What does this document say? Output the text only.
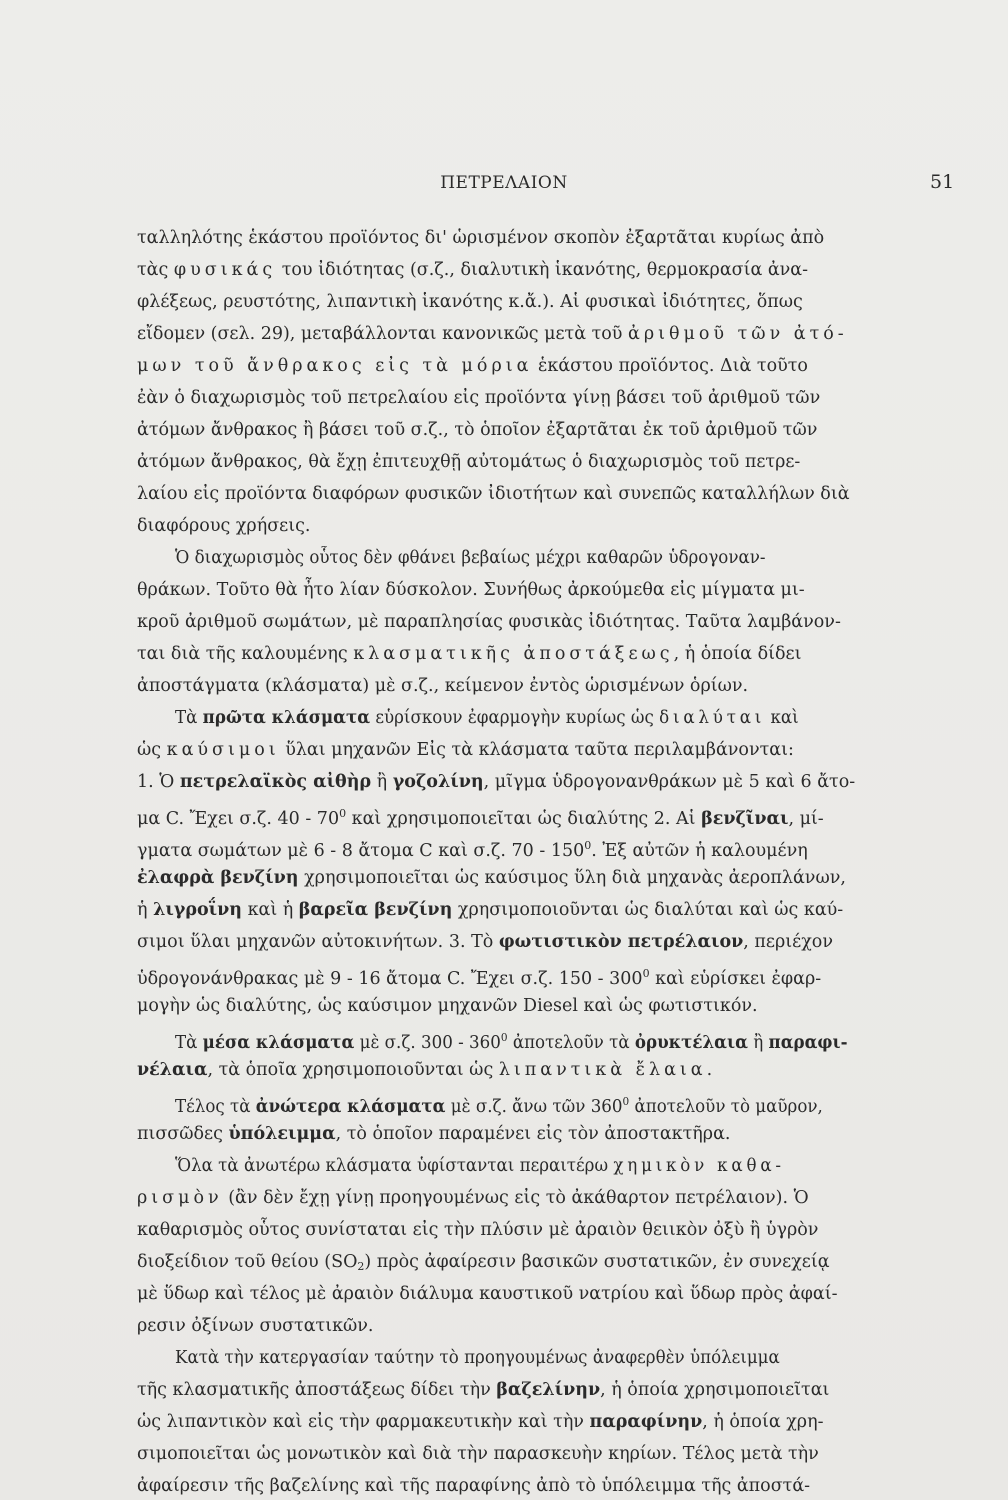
ΠΕΤΡΕΛΑΙΟΝ	51
ταλληλότης ἑκάστου προϊόντος δι' ὡρισμένον σκοπὸν ἐξαρτᾶται κυρίως ἀπὸ
τὰς φυσικάς του ἰδιότητας (σ.ζ., διαλυτικὴ ἱκανότης, θερμοκρασία ἀνα-
φλέξεως, ρευστότης, λιπαντικὴ ἱκανότης κ.ἄ.). Αἱ φυσικαὶ ἰδιότητες, ὅπως
εἴδομεν (σελ. 29), μεταβάλλονται κανονικῶς μετὰ τοῦ ἀριθμοῦ τῶν ἀτό-
μων τοῦ ἄνθρακος εἰς τὰ μόρια ἑκάστου προϊόντος. Διὰ τοῦτο
ἐὰν ὁ διαχωρισμὸς τοῦ πετρελαίου εἰς προϊόντα γίνῃ βάσει τοῦ ἀριθμοῦ τῶν
ἀτόμων ἄνθρακος ἢ βάσει τοῦ σ.ζ., τὸ ὁποῖον ἐξαρτᾶται ἐκ τοῦ ἀριθμοῦ τῶν
ἀτόμων ἄνθρακος, θὰ ἔχῃ ἐπιτευχθῇ αὐτομάτως ὁ διαχωρισμὸς τοῦ πετρε-
λαίου εἰς προϊόντα διαφόρων φυσικῶν ἰδιοτήτων καὶ συνεπῶς καταλλήλων διὰ
διαφόρους χρήσεις.
Ὁ διαχωρισμὸς οὗτος δὲν φθάνει βεβαίως μέχρι καθαρῶν ὑδρογοναν-
θράκων. Τοῦτο θὰ ἦτο λίαν δύσκολον. Συνήθως ἀρκούμεθα εἰς μίγματα μι-
κροῦ ἀριθμοῦ σωμάτων, μὲ παραπλησίας φυσικὰς ἰδιότητας. Ταῦτα λαμβάνον-
ται διὰ τῆς καλουμένης κλασματικῆς ἀποστάξεως, ἡ ὁποία δίδει
ἀποστάγματα (κλάσματα) μὲ σ.ζ., κείμενον ἐντὸς ὡρισμένων ὁρίων.
Τὰ πρῶτα κλάσματα εὑρίσκουν ἐφαρμογὴν κυρίως ὡς διαλύται καὶ
ὡς καύσιμοι ὕλαι μηχανῶν Εἰς τὰ κλάσματα ταῦτα περιλαμβάνονται:
1. Ὁ πετρελαϊκὸς αἰθὴρ ἢ γοζολίνη, μῖγμα ὑδρογονανθράκων μὲ 5 καὶ 6 ἄτο-
μα C. Ἔχει σ.ζ. $40 - 70^0$ καὶ χρησιμοποιεῖται ὡς διαλύτης 2. Αἱ βενζῖναι, μί-
γματα σωμάτων μὲ 6 - 8 ἄτομα C καὶ σ.ζ. $70 - 150^0$. Ἐξ αὐτῶν ἡ καλουμένη
ἐλαφρὰ βενζίνη χρησιμοποιεῖται ὡς καύσιμος ὕλη διὰ μηχανὰς ἀεροπλάνων,
ἡ λιγροΐνη καὶ ἡ βαρεῖα βενζίνη χρησιμοποιοῦνται ὡς διαλύται καὶ ὡς καύ-
σιμοι ὕλαι μηχανῶν αὐτοκινήτων. 3. Τὸ φωτιστικὸν πετρέλαιον, περιέχον
ὑδρογονάνθρακας μὲ 9 - 16 ἄτομα C. Ἔχει σ.ζ. $150 - 300^0$ καὶ εὑρίσκει ἐφαρ-
μογὴν ὡς διαλύτης, ὡς καύσιμον μηχανῶν Diesel καὶ ὡς φωτιστικόν.
Τὰ μέσα κλάσματα μὲ σ.ζ. $300 - 360^0$ ἀποτελοῦν τὰ ὀρυκτέλαια ἢ παραφι-
νέλαια, τὰ ὁποῖα χρησιμοποιοῦνται ὡς λιπαντικὰ ἔλαια.
Τέλος τὰ ἀνώτερα κλάσματα μὲ σ.ζ. ἄνω τῶν $360^0$ ἀποτελοῦν τὸ μαῦρον,
πισσῶδες ὑπόλειμμα, τὸ ὁποῖον παραμένει εἰς τὸν ἀποστακτῆρα.
Ὅλα τὰ ἀνωτέρω κλάσματα ὑφίστανται περαιτέρω χημικὸν καθα-
ρισμὸν (ἂν δὲν ἔχῃ γίνῃ προηγουμένως εἰς τὸ ἀκάθαρτον πετρέλαιον). Ὁ
καθαρισμὸς οὗτος συνίσταται εἰς τὴν πλύσιν μὲ ἀραιὸν θειικὸν ὀξὺ ἢ ὑγρὸν
διοξείδιον τοῦ θείου $(SO_2)$ πρὸς ἀφαίρεσιν βασικῶν συστατικῶν, ἐν συνεχείᾳ
μὲ ὕδωρ καὶ τέλος μὲ ἀραιὸν διάλυμα καυστικοῦ νατρίου καὶ ὕδωρ πρὸς ἀφαί-
ρεσιν ὀξίνων συστατικῶν.
Κατὰ τὴν κατεργασίαν ταύτην τὸ προηγουμένως ἀναφερθὲν ὑπόλειμμα
τῆς κλασματικῆς ἀποστάξεως δίδει τὴν βαζελίνην, ἡ ὁποία χρησιμοποιεῖται
ὡς λιπαντικὸν καὶ εἰς τὴν φαρμακευτικὴν καὶ τὴν παραφίνην, ἡ ὁποία χρη-
σιμοποιεῖται ὡς μονωτικὸν καὶ διὰ τὴν παρασκευὴν κηρίων. Τέλος μετὰ τὴν
ἀφαίρεσιν τῆς βαζελίνης καὶ τῆς παραφίνης ἀπὸ τὸ ὑπόλειμμα τῆς ἀποστά-
